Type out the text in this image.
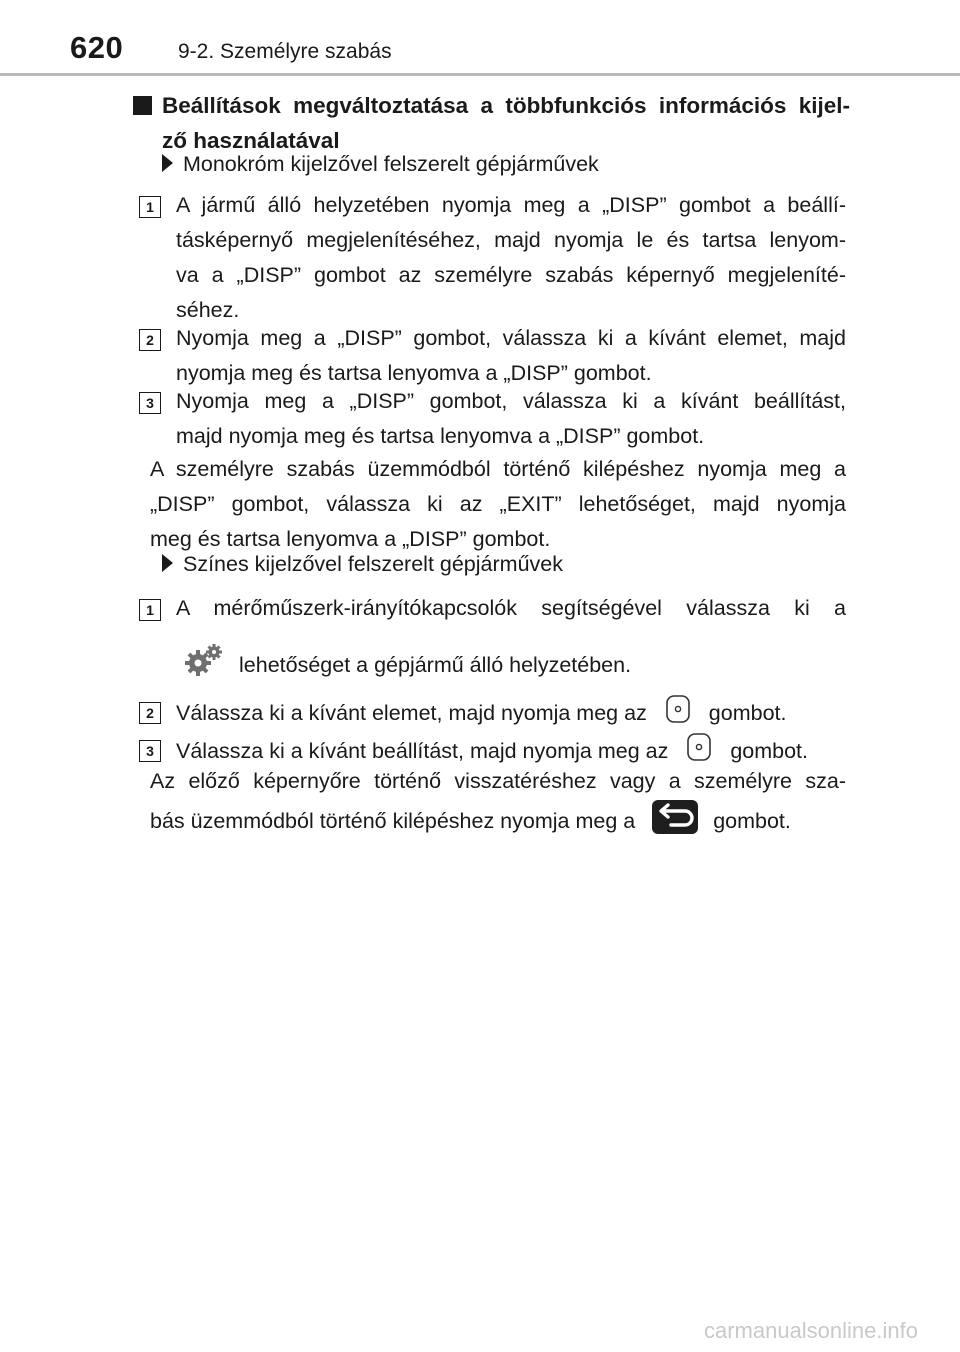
620	9-2. Személyre szabás
Beállítások megváltoztatása a többfunkciós információs kijel-
ző használatával
Monokróm kijelzővel felszerelt gépjárművek
1	A jármű álló helyzetében nyomja meg a „DISP” gombot a beállí-
tásképernyő megjelenítéséhez, majd nyomja le és tartsa lenyom-
va a „DISP” gombot az személyre szabás képernyő megjeleníté-
séhez.
2	Nyomja meg a „DISP” gombot, válassza ki a kívánt elemet, majd
nyomja meg és tartsa lenyomva a „DISP” gombot.
3	Nyomja meg a „DISP” gombot, válassza ki a kívánt beállítást,
majd nyomja meg és tartsa lenyomva a „DISP” gombot.
A személyre szabás üzemmódból történő kilépéshez nyomja meg a
„DISP” gombot, válassza ki az „EXIT” lehetőséget, majd nyomja
meg és tartsa lenyomva a „DISP” gombot.
Színes kijelzővel felszerelt gépjárművek
1	A mérőműszerk-irányítókapcsolók segítségével válassza ki a
lehetőséget a gépjármű álló helyzetében.
2	Válassza ki a kívánt elemet, majd nyomja meg az	gombot.
3	Válassza ki a kívánt beállítást, majd nyomja meg az	gombot.
Az előző képernyőre történő visszatéréshez vagy a személyre sza-
bás üzemmódból történő kilépéshez nyomja meg a	gombot.
carmanualsonline.info
